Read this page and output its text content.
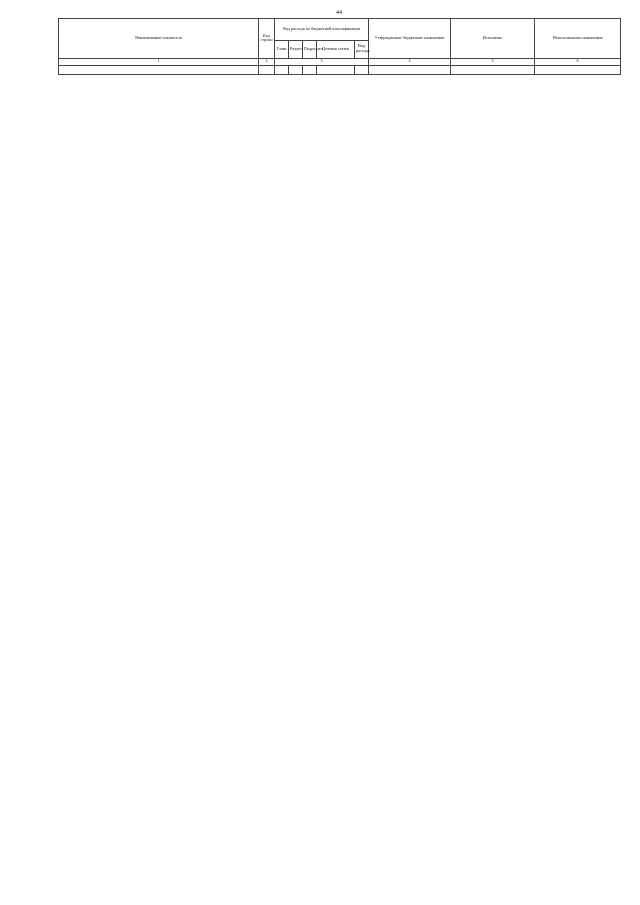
44
Наименование показателя	Код строки	Код расхода по бюджетной классификации					Утвержденные бюджетные назначения	Исполнено	Неисполненные назначения
		Глава	Раздел	Подраздел	Целевая статья	Вид расхода			
1	2	3					4	5	6
